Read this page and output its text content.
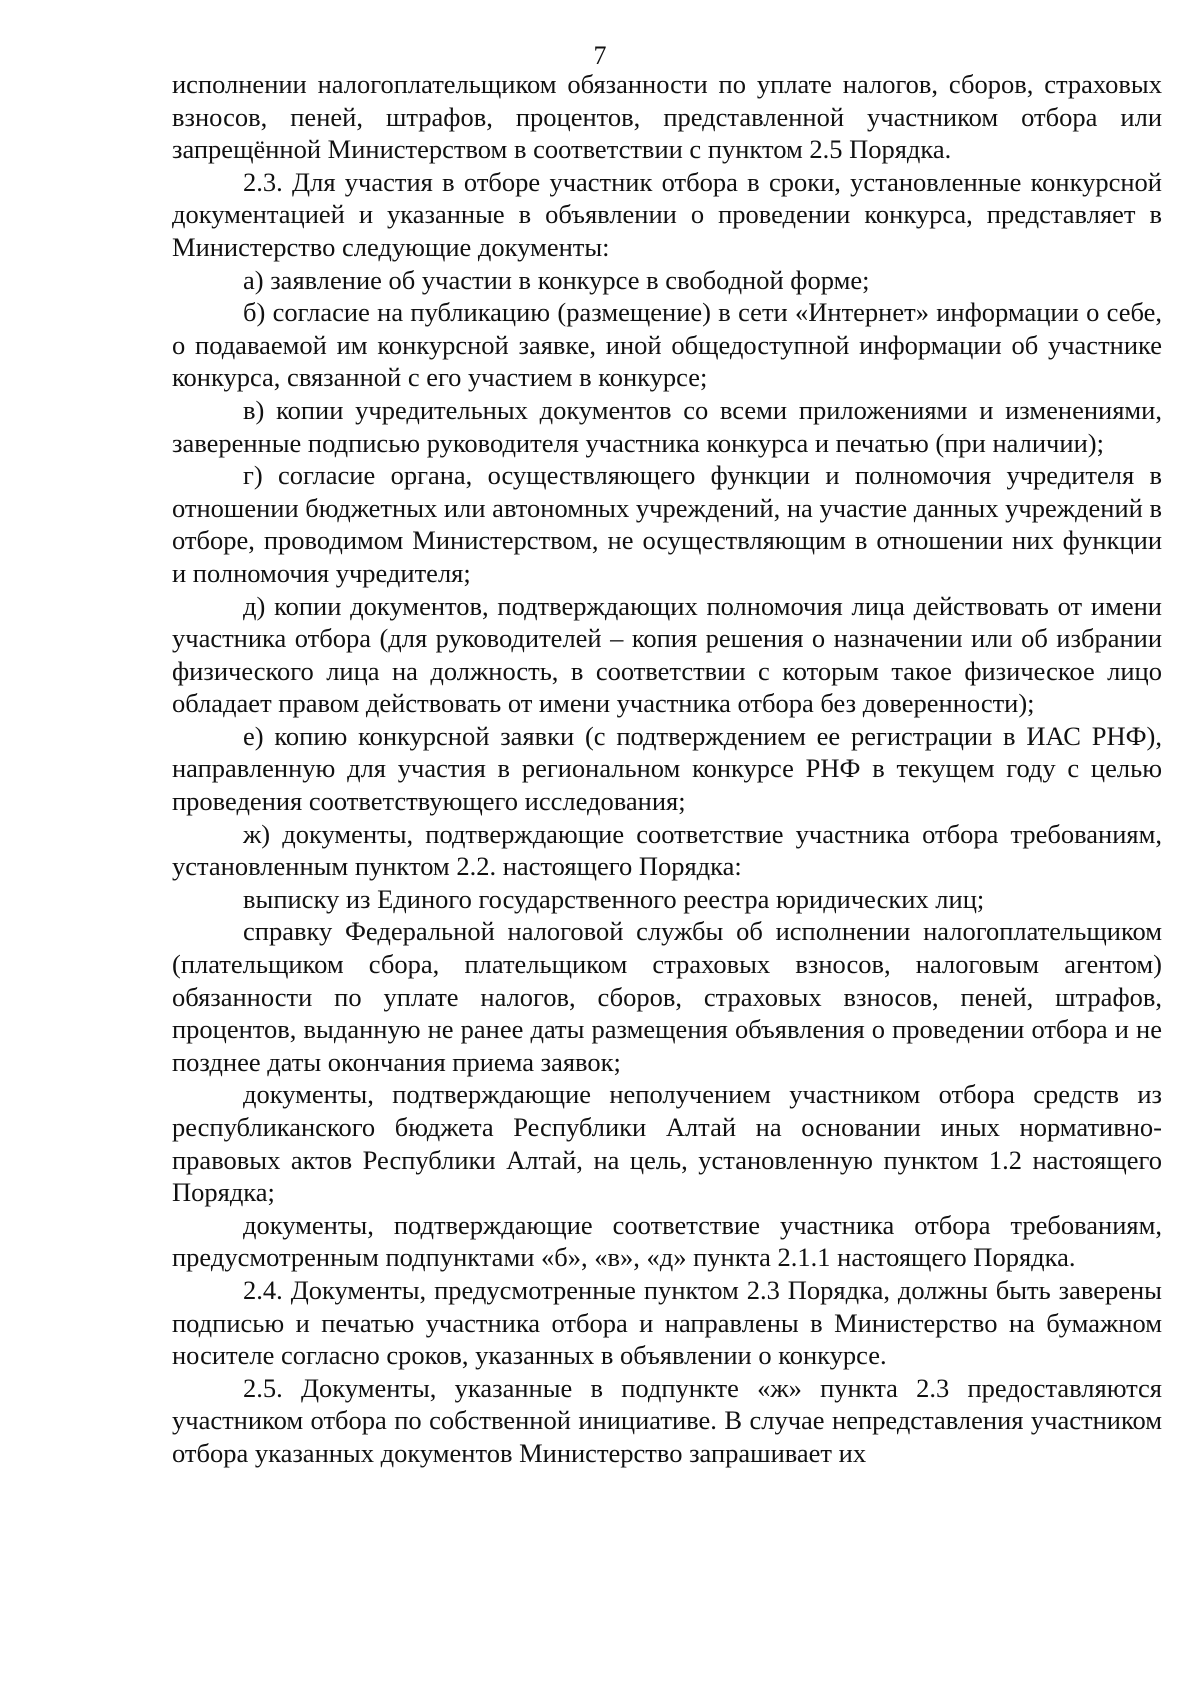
7

исполнении налогоплательщиком обязанности по уплате налогов, сборов, страховых взносов, пеней, штрафов, процентов, представленной участником отбора или запрещённой Министерством в соответствии с пунктом 2.5 Порядка.

2.3. Для участия в отборе участник отбора в сроки, установленные конкурсной документацией и указанные в объявлении о проведении конкурса, представляет в Министерство следующие документы:

а) заявление об участии в конкурсе в свободной форме;

б) согласие на публикацию (размещение) в сети «Интернет» информации о себе, о подаваемой им конкурсной заявке, иной общедоступной информации об участнике конкурса, связанной с его участием в конкурсе;

в) копии учредительных документов со всеми приложениями и изменениями, заверенные подписью руководителя участника конкурса и печатью (при наличии);

г) согласие органа, осуществляющего функции и полномочия учредителя в отношении бюджетных или автономных учреждений, на участие данных учреждений в отборе, проводимом Министерством, не осуществляющим в отношении них функции и полномочия учредителя;

д) копии документов, подтверждающих полномочия лица действовать от имени участника отбора (для руководителей – копия решения о назначении или об избрании физического лица на должность, в соответствии с которым такое физическое лицо обладает правом действовать от имени участника отбора без доверенности);

е) копию конкурсной заявки (с подтверждением ее регистрации в ИАС РНФ), направленную для участия в региональном конкурсе РНФ в текущем году с целью проведения соответствующего исследования;

ж) документы, подтверждающие соответствие участника отбора требованиям, установленным пунктом 2.2. настоящего Порядка:

выписку из Единого государственного реестра юридических лиц;

справку Федеральной налоговой службы об исполнении налогоплательщиком (плательщиком сбора, плательщиком страховых взносов, налоговым агентом) обязанности по уплате налогов, сборов, страховых взносов, пеней, штрафов, процентов, выданную не ранее даты размещения объявления о проведении отбора и не позднее даты окончания приема заявок;

документы, подтверждающие неполучением участником отбора средств из республиканского бюджета Республики Алтай на основании иных нормативно-правовых актов Республики Алтай, на цель, установленную пунктом 1.2 настоящего Порядка;

документы, подтверждающие соответствие участника отбора требованиям, предусмотренным подпунктами «б», «в», «д» пункта 2.1.1 настоящего Порядка.

2.4. Документы, предусмотренные пунктом 2.3 Порядка, должны быть заверены подписью и печатью участника отбора и направлены в Министерство на бумажном носителе согласно сроков, указанных в объявлении о конкурсе.

2.5. Документы, указанные в подпункте «ж» пункта 2.3 предоставляются участником отбора по собственной инициативе. В случае непредставления участником отбора указанных документов Министерство запрашивает их
